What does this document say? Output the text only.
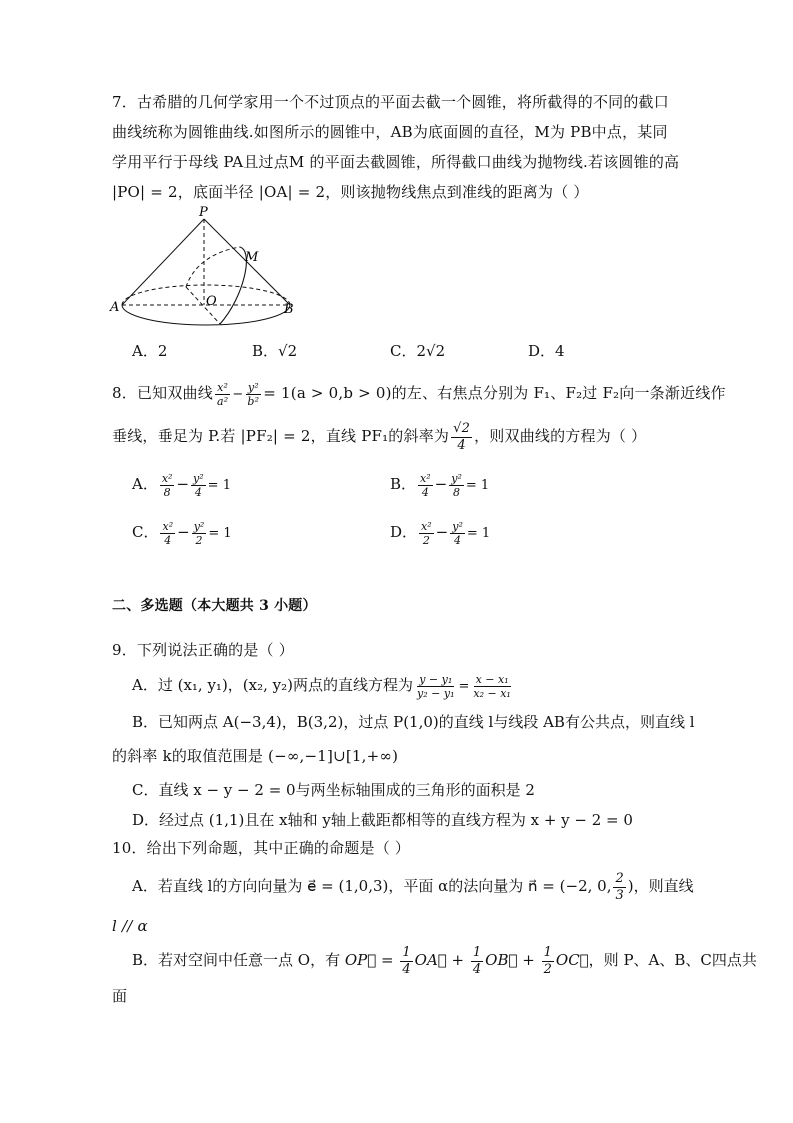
7．古希腊的几何学家用一个不过顶点的平面去截一个圆锥，将所截得的不同的截口
曲线统称为圆锥曲线.如图所示的圆锥中，AB为底面圆的直径，M为 PB中点，某同
学用平行于母线 PA且过点M 的平面去截圆锥，所得截口曲线为抛物线.若该圆锥的高
|PO| = 2，底面半径 |OA| = 2，则该抛物线焦点到准线的距离为（ ）
P
M
A	O
B
A．2	B．√2	C．2√2	D．4
8．已知双曲线 $\frac{\text{x²}}{\text{a²}} - \frac{\text{y²}}{\text{b²}} = 1(a > 0,b > 0)$的左、右焦点分别为 F₁、F₂过 F₂向一条渐近线作
垂线，垂足为 P.若 |PF₂| = 2，直线 PF₁的斜率为 $\frac{√2}{4}$ ，则双曲线的方程为（ ）
A． $\frac{\text{x²}}{8} - \frac{\text{y²}}{4} = 1$	B． $\frac{\text{x²}}{4} - \frac{\text{y²}}{8} = 1$
C． $\frac{\text{x²}}{4} - \frac{\text{y²}}{2} = 1$	D． $\frac{\text{x²}}{2} - \frac{\text{y²}}{4} = 1$
二、多选题（本大题共 3 小题）
9．下列说法正确的是（ ）
A．过 (x₁, y₁)，(x₂, y₂)两点的直线方程为 $\frac{\text{y − y₁}}{\text{y₂ − y₁}} = \frac{\text{x − x₁}}{\text{x₂ − x₁}}$
B．已知两点 A(−3,4)，B(3,2)，过点 P(1,0)的直线 l与线段 AB有公共点，则直线 l
的斜率 k的取值范围是 (−∞,−1]∪[1,+∞)
C．直线 x − y − 2 = 0与两坐标轴围成的三角形的面积是 2
D．经过点 (1,1)且在 x轴和 y轴上截距都相等的直线方程为 x + y − 2 = 0
10．给出下列命题，其中正确的命题是（ ）
A．若直线 l的方向向量为 e⃗ = (1,0,3)，平面 α的法向量为 n⃗ = (−2, 0, $\frac{2}{3}$ )，则直线
l // α
B．若对空间中任意一点 O，有 OP⃗ = $\frac{1}{4}$ OA⃗ + $\frac{1}{4}$ OB⃗ + $\frac{1}{2}$ OC⃗，则 P、A、B、C四点共
面
